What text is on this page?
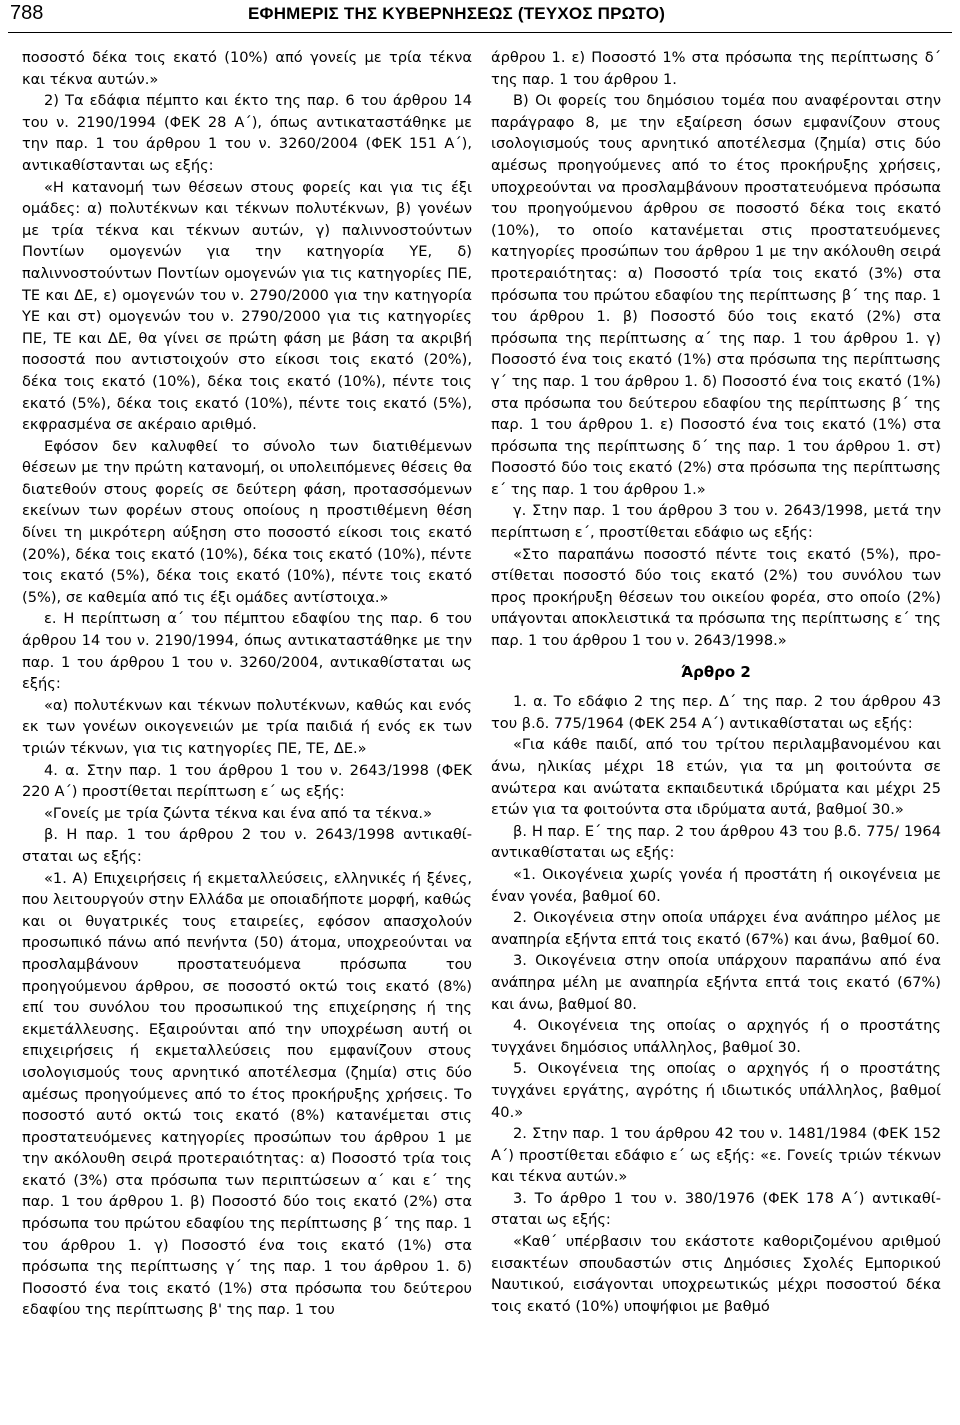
788	ΕΦΗΜΕΡΙΣ ΤΗΣ ΚΥΒΕΡΝΗΣΕΩΣ (ΤΕΥΧΟΣ ΠΡΩΤΟ)

ποσοστό δέκα τοις εκατό (10%) από γονείς με τρία τέκνα και τέκνα αυτών.»

2) Τα εδάφια πέμπτο και έκτο της παρ. 6 του άρθρου 14 του ν. 2190/1994 (ΦΕΚ 28 Α΄), όπως αντικαταστάθηκε με την παρ. 1 του άρθρου 1 του ν. 3260/2004 (ΦΕΚ 151 Α΄), αντικαθίστανται ως εξής:

«Η κατανομή των θέσεων στους φορείς και για τις έξι ομάδες: α) πολυτέκνων και τέκνων πολυτέκνων, β) γονέων με τρία τέκνα και τέκνων αυτών, γ) παλιννοστούντων Ποντίων ομογενών για την κατηγορία ΥΕ, δ) παλιννοστούντων Ποντίων ομογενών για τις κατηγορίες ΠΕ, ΤΕ και ΔΕ, ε) ομογενών του ν. 2790/2000 για την κατηγορία ΥΕ και στ) ομογενών του ν. 2790/2000 για τις κατηγορίες ΠΕ, ΤΕ και ΔΕ, θα γίνει σε πρώτη φάση με βάση τα ακριβή ποσοστά που αντιστοιχούν στο είκοσι τοις εκατό (20%), δέκα τοις εκατό (10%), δέκα τοις εκατό (10%), πέντε τοις εκατό (5%), δέκα τοις εκατό (10%), πέντε τοις εκατό (5%), εκφρασμένα σε ακέραιο αριθμό.

Εφόσον δεν καλυφθεί το σύνολο των διατιθέμενων θέσεων με την πρώτη κατανομή, οι υπολειπόμενες θέσεις θα διατεθούν στους φορείς σε δεύτερη φάση, προτασσόμενων εκείνων των φορέων στους οποίους η προστιθέμενη θέση δίνει τη μικρότερη αύξηση στο ποσοστό είκοσι τοις εκατό (20%), δέκα τοις εκατό (10%), δέκα τοις εκατό (10%), πέντε τοις εκατό (5%), δέκα τοις εκατό (10%), πέντε τοις εκατό (5%), σε καθεμία από τις έξι ομάδες αντίστοιχα.»

ε. Η περίπτωση α΄ του πέμπτου εδαφίου της παρ. 6 του άρθρου 14 του ν. 2190/1994, όπως αντικαταστάθηκε με την παρ. 1 του άρθρου 1 του ν. 3260/2004, αντικαθίσταται ως εξής:

«α) πολυτέκνων και τέκνων πολυτέκνων, καθώς και ενός εκ των γονέων οικογενειών με τρία παιδιά ή ενός εκ των τριών τέκνων, για τις κατηγορίες ΠΕ, ΤΕ, ΔΕ.»

4. α. Στην παρ. 1 του άρθρου 1 του ν. 2643/1998 (ΦΕΚ 220 Α΄) προστίθεται περίπτωση ε΄ ως εξής:

«Γονείς με τρία ζώντα τέκνα και ένα από τα τέκνα.»

β. Η παρ. 1 του άρθρου 2 του ν. 2643/1998 αντικαθίσταται ως εξής:

«1. Α) Επιχειρήσεις ή εκμεταλλεύσεις, ελληνικές ή ξένες, που λειτουργούν στην Ελλάδα με οποιαδήποτε μορφή, καθώς και οι θυγατρικές τους εταιρείες, εφόσον απασχολούν προσωπικό πάνω από πενήντα (50) άτομα, υποχρεούνται να προσλαμβάνουν προστατευόμενα πρόσωπα του προηγούμενου άρθρου, σε ποσοστό οκτώ τοις εκατό (8%) επί του συνόλου του προσωπικού της επιχείρησης ή της εκμετάλλευσης. Εξαιρούνται από την υποχρέωση αυτή οι επιχειρήσεις ή εκμεταλλεύσεις που εμφανίζουν στους ισολογισμούς τους αρνητικό αποτέλεσμα (ζημία) στις δύο αμέσως προηγούμενες από το έτος προκήρυξης χρήσεις. Το ποσοστό αυτό οκτώ τοις εκατό (8%) κατανέμεται στις προστατευόμενες κατηγορίες προσώπων του άρθρου 1 με την ακόλουθη σειρά προτεραιότητας: α) Ποσοστό τρία τοις εκατό (3%) στα πρόσωπα των περιπτώσεων α΄ και ε΄ της παρ. 1 του άρθρου 1. β) Ποσοστό δύο τοις εκατό (2%) στα πρόσωπα του πρώτου εδαφίου της περίπτωσης β΄ της παρ. 1 του άρθρου 1. γ) Ποσοστό ένα τοις εκατό (1%) στα πρόσωπα της περίπτωσης γ΄ της παρ. 1 του άρθρου 1. δ) Ποσοστό ένα τοις εκατό (1%) στα πρόσωπα του δεύτερου εδαφίου της περίπτωσης β' της παρ. 1 του

άρθρου 1. ε) Ποσοστό 1% στα πρόσωπα της περίπτωσης δ΄ της παρ. 1 του άρθρου 1.

Β) Οι φορείς του δημόσιου τομέα που αναφέρονται στην παράγραφο 8, με την εξαίρεση όσων εμφανίζουν στους ισολογισμούς τους αρνητικό αποτέλεσμα (ζημία) στις δύο αμέσως προηγούμενες από το έτος προκήρυξης χρήσεις, υποχρεούνται να προσλαμβάνουν προστατευόμενα πρόσωπα του προηγούμενου άρθρου σε ποσοστό δέκα τοις εκατό (10%), το οποίο κατανέμεται στις προστατευόμενες κατηγορίες προσώπων του άρθρου 1 με την ακόλουθη σειρά προτεραιότητας: α) Ποσοστό τρία τοις εκατό (3%) στα πρόσωπα του πρώτου εδαφίου της περίπτωσης β΄ της παρ. 1 του άρθρου 1. β) Ποσοστό δύο τοις εκατό (2%) στα πρόσωπα της περίπτωσης α΄ της παρ. 1 του άρθρου 1. γ) Ποσοστό ένα τοις εκατό (1%) στα πρόσωπα της περίπτωσης γ΄ της παρ. 1 του άρθρου 1. δ) Ποσοστό ένα τοις εκατό (1%) στα πρόσωπα του δεύτερου εδαφίου της περίπτωσης β΄ της παρ. 1 του άρθρου 1. ε) Ποσοστό ένα τοις εκατό (1%) στα πρόσωπα της περίπτωσης δ΄ της παρ. 1 του άρθρου 1. στ) Ποσοστό δύο τοις εκατό (2%) στα πρόσωπα της περίπτωσης ε΄ της παρ. 1 του άρθρου 1.»

γ. Στην παρ. 1 του άρθρου 3 του ν. 2643/1998, μετά την περίπτωση ε΄, προστίθεται εδάφιο ως εξής:

«Στο παραπάνω ποσοστό πέντε τοις εκατό (5%), προστίθεται ποσοστό δύο τοις εκατό (2%) του συνόλου των προς προκήρυξη θέσεων του οικείου φορέα, στο οποίο (2%) υπάγονται αποκλειστικά τα πρόσωπα της περίπτωσης ε΄ της παρ. 1 του άρθρου 1 του ν. 2643/1998.»

Άρθρο 2

1. α. Το εδάφιο 2 της περ. Δ΄ της παρ. 2 του άρθρου 43 του β.δ. 775/1964 (ΦΕΚ 254 Α΄) αντικαθίσταται ως εξής:

«Για κάθε παιδί, από του τρίτου περιλαμβανομένου και άνω, ηλικίας μέχρι 18 ετών, για τα μη φοιτούντα σε ανώτερα και ανώτατα εκπαιδευτικά ιδρύματα και μέχρι 25 ετών για τα φοιτούντα στα ιδρύματα αυτά, βαθμοί 30.»

β. Η παρ. Ε΄ της παρ. 2 του άρθρου 43 του β.δ. 775/ 1964 αντικαθίσταται ως εξής:

«1. Οικογένεια χωρίς γονέα ή προστάτη ή οικογένεια με έναν γονέα, βαθμοί 60.

2. Οικογένεια στην οποία υπάρχει ένα ανάπηρο μέλος με αναπηρία εξήντα επτά τοις εκατό (67%) και άνω, βαθμοί 60.

3. Οικογένεια στην οποία υπάρχουν παραπάνω από ένα ανάπηρα μέλη με αναπηρία εξήντα επτά τοις εκατό (67%) και άνω, βαθμοί 80.

4. Οικογένεια της οποίας ο αρχηγός ή ο προστάτης τυγχάνει δημόσιος υπάλληλος, βαθμοί 30.

5. Οικογένεια της οποίας ο αρχηγός ή ο προστάτης τυγχάνει εργάτης, αγρότης ή ιδιωτικός υπάλληλος, βαθμοί 40.»

2. Στην παρ. 1 του άρθρου 42 του ν. 1481/1984 (ΦΕΚ 152 Α΄) προστίθεται εδάφιο ε΄ ως εξής: «ε. Γονείς τριών τέκνων και τέκνα αυτών.»

3. Το άρθρο 1 του ν. 380/1976 (ΦΕΚ 178 Α΄) αντικαθίσταται ως εξής:

«Καθ΄ υπέρβασιν του εκάστοτε καθοριζομένου αριθμού εισακτέων σπουδαστών στις Δημόσιες Σχολές Εμπορικού Ναυτικού, εισάγονται υποχρεωτικώς μέχρι ποσοστού δέκα τοις εκατό (10%) υποψήφιοι με βαθμό
